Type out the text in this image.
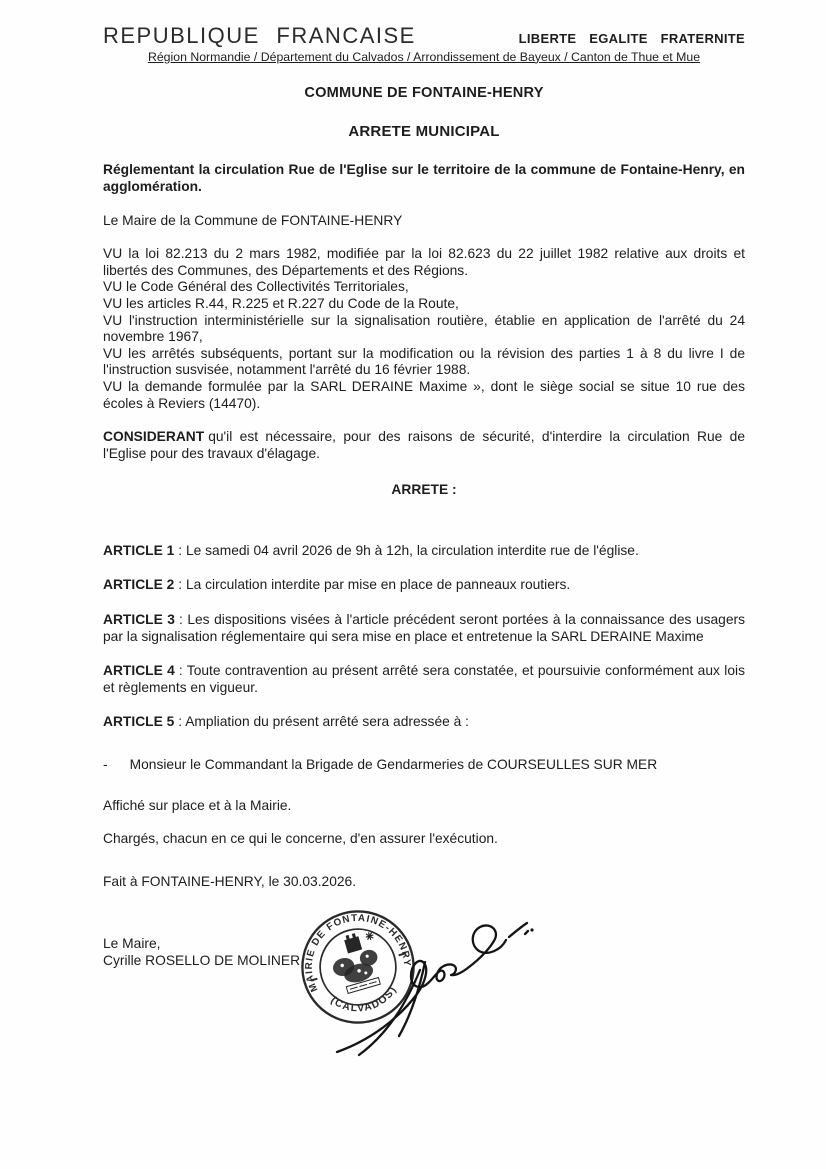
REPUBLIQUE FRANCAISE	LIBERTE EGALITE FRATERNITE
Région Normandie / Département du Calvados / Arrondissement de Bayeux / Canton de Thue et Mue
COMMUNE DE FONTAINE-HENRY
ARRETE MUNICIPAL

Réglementant la circulation Rue de l'Eglise sur le territoire de la commune de Fontaine-Henry, en agglomération.

Le Maire de la Commune de FONTAINE-HENRY

VU la loi 82.213 du 2 mars 1982, modifiée par la loi 82.623 du 22 juillet 1982 relative aux droits et libertés des Communes, des Départements et des Régions.

VU le Code Général des Collectivités Territoriales,

VU les articles R.44, R.225 et R.227 du Code de la Route,

VU l'instruction interministérielle sur la signalisation routière, établie en application de l'arrêté du 24 novembre 1967,

VU les arrêtés subséquents, portant sur la modification ou la révision des parties 1 à 8 du livre I de l'instruction susvisée, notamment l'arrêté du 16 février 1988.

VU la demande formulée par la SARL DERAINE Maxime », dont le siège social se situe 10 rue des écoles à Reviers (14470).

CONSIDERANT qu'il est nécessaire, pour des raisons de sécurité, d'interdire la circulation Rue de l'Eglise pour des travaux d'élagage.

ARRETE :

ARTICLE 1 : Le samedi 04 avril 2026 de 9h à 12h, la circulation interdite rue de l'église.

ARTICLE 2 : La circulation interdite par mise en place de panneaux routiers.

ARTICLE 3 : Les dispositions visées à l'article précédent seront portées à la connaissance des usagers par la signalisation réglementaire qui sera mise en place et entretenue la SARL DERAINE Maxime

ARTICLE 4 : Toute contravention au présent arrêté sera constatée, et poursuivie conformément aux lois et règlements en vigueur.

ARTICLE 5 : Ampliation du présent arrêté sera adressée à :

- Monsieur le Commandant la Brigade de Gendarmeries de COURSEULLES SUR MER

Affiché sur place et à la Mairie.

Chargés, chacun en ce qui le concerne, d'en assurer l'exécution.

Fait à FONTAINE-HENRY, le 30.03.2026.

Le Maire,

Cyrille ROSELLO DE MOLINER

MAIRIE DE FONTAINE-HENRY
(CALVADOS)
